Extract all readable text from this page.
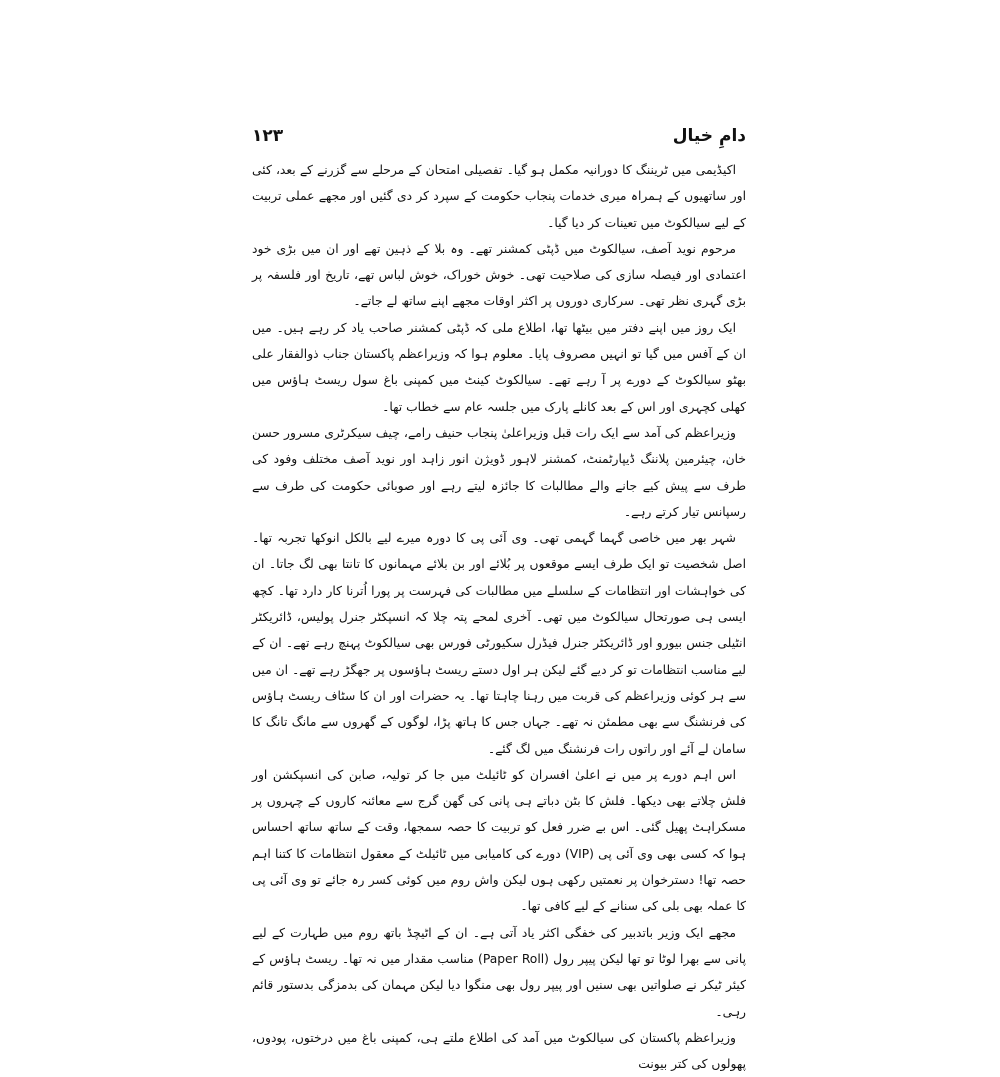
دامِ خیال
۱۲۳

اکیڈیمی میں ٹریننگ کا دورانیہ مکمل ہو گیا۔ تفصیلی امتحان کے مرحلے سے گزرنے کے بعد، کئی اور ساتھیوں کے ہمراہ میری خدمات پنجاب حکومت کے سپرد کر دی گئیں اور مجھے عملی تربیت کے لیے سیالکوٹ میں تعینات کر دیا گیا۔

مرحوم نوید آصف، سیالکوٹ میں ڈپٹی کمشنر تھے۔ وہ بلا کے ذہین تھے اور ان میں بڑی خود اعتمادی اور فیصلہ سازی کی صلاحیت تھی۔ خوش خوراک، خوش لباس تھے، تاریخ اور فلسفہ پر بڑی گہری نظر تھی۔ سرکاری دوروں پر اکثر اوقات مجھے اپنے ساتھ لے جاتے۔

ایک روز میں اپنے دفتر میں بیٹھا تھا، اطلاع ملی کہ ڈپٹی کمشنر صاحب یاد کر رہے ہیں۔ میں ان کے آفس میں گیا تو انہیں مصروف پایا۔ معلوم ہوا کہ وزیراعظم پاکستان جناب ذوالفقار علی بھٹو سیالکوٹ کے دورے پر آ رہے تھے۔ سیالکوٹ کینٹ میں کمپنی باغ سول ریسٹ ہاؤس میں کھلی کچہری اور اس کے بعد کانلے پارک میں جلسہ عام سے خطاب تھا۔

وزیراعظم کی آمد سے ایک رات قبل وزیراعلیٰ پنجاب حنیف رامے، چیف سیکرٹری مسرور حسن خان، چیئرمین پلاننگ ڈیپارٹمنٹ، کمشنر لاہور ڈویژن انور زاہد اور نوید آصف مختلف وفود کی طرف سے پیش کیے جانے والے مطالبات کا جائزہ لیتے رہے اور صوبائی حکومت کی طرف سے رسپانس تیار کرتے رہے۔

شہر بھر میں خاصی گہما گہمی تھی۔ وی آئی پی کا دورہ میرے لیے بالکل انوکھا تجربہ تھا۔ اصل شخصیت تو ایک طرف ایسے موقعوں پر بُلائے اور بن بلائے مہمانوں کا تانتا بھی لگ جاتا۔ ان کی خواہشات اور انتظامات کے سلسلے میں مطالبات کی فہرست پر پورا اُترنا کار دارد تھا۔ کچھ ایسی ہی صورتحال سیالکوٹ میں تھی۔ آخری لمحے پتہ چلا کہ انسپکٹر جنرل پولیس، ڈائریکٹر انٹیلی جنس بیورو اور ڈائریکٹر جنرل فیڈرل سکیورٹی فورس بھی سیالکوٹ پہنچ رہے تھے۔ ان کے لیے مناسب انتظامات تو کر دیے گئے لیکن ہر اول دستے ریسٹ ہاؤسوں پر جھگڑ رہے تھے۔ ان میں سے ہر کوئی وزیراعظم کی قربت میں رہنا چاہتا تھا۔ یہ حضرات اور ان کا سٹاف ریسٹ ہاؤس کی فرنشنگ سے بھی مطمئن نہ تھے۔ جہاں جس کا ہاتھ پڑا، لوگوں کے گھروں سے مانگ تانگ کا سامان لے آئے اور راتوں رات فرنشنگ میں لگ گئے۔

اس اہم دورے پر میں نے اعلیٰ افسران کو ٹائیلٹ میں جا کر تولیہ، صابن کی انسپکشن اور فلش چلاتے بھی دیکھا۔ فلش کا بٹن دباتے ہی پانی کی گھن گرج سے معائنہ کاروں کے چہروں پر مسکراہٹ پھیل گئی۔ اس بے ضرر فعل کو تربیت کا حصہ سمجھا، وقت کے ساتھ ساتھ احساس ہوا کہ کسی بھی وی آئی پی (VIP) دورے کی کامیابی میں ٹائیلٹ کے معقول انتظامات کا کتنا اہم حصہ تھا! دسترخوان پر نعمتیں رکھی ہوں لیکن واش روم میں کوئی کسر رہ جائے تو وی آئی پی کا عملہ بھی بلی کی سنانے کے لیے کافی تھا۔

مجھے ایک وزیر باتدبیر کی خفگی اکثر یاد آتی ہے۔ ان کے اٹیچڈ باتھ روم میں طہارت کے لیے پانی سے بھرا لوٹا تو تھا لیکن پیپر رول (Paper Roll) مناسب مقدار میں نہ تھا۔ ریسٹ ہاؤس کے کیئر ٹیکر نے صلواتیں بھی سنیں اور پیپر رول بھی منگوا دیا لیکن مہمان کی بدمزگی بدستور قائم رہی۔

وزیراعظم پاکستان کی سیالکوٹ میں آمد کی اطلاع ملتے ہی، کمپنی باغ میں درختوں، پودوں، پھولوں کی کتر بیونت
